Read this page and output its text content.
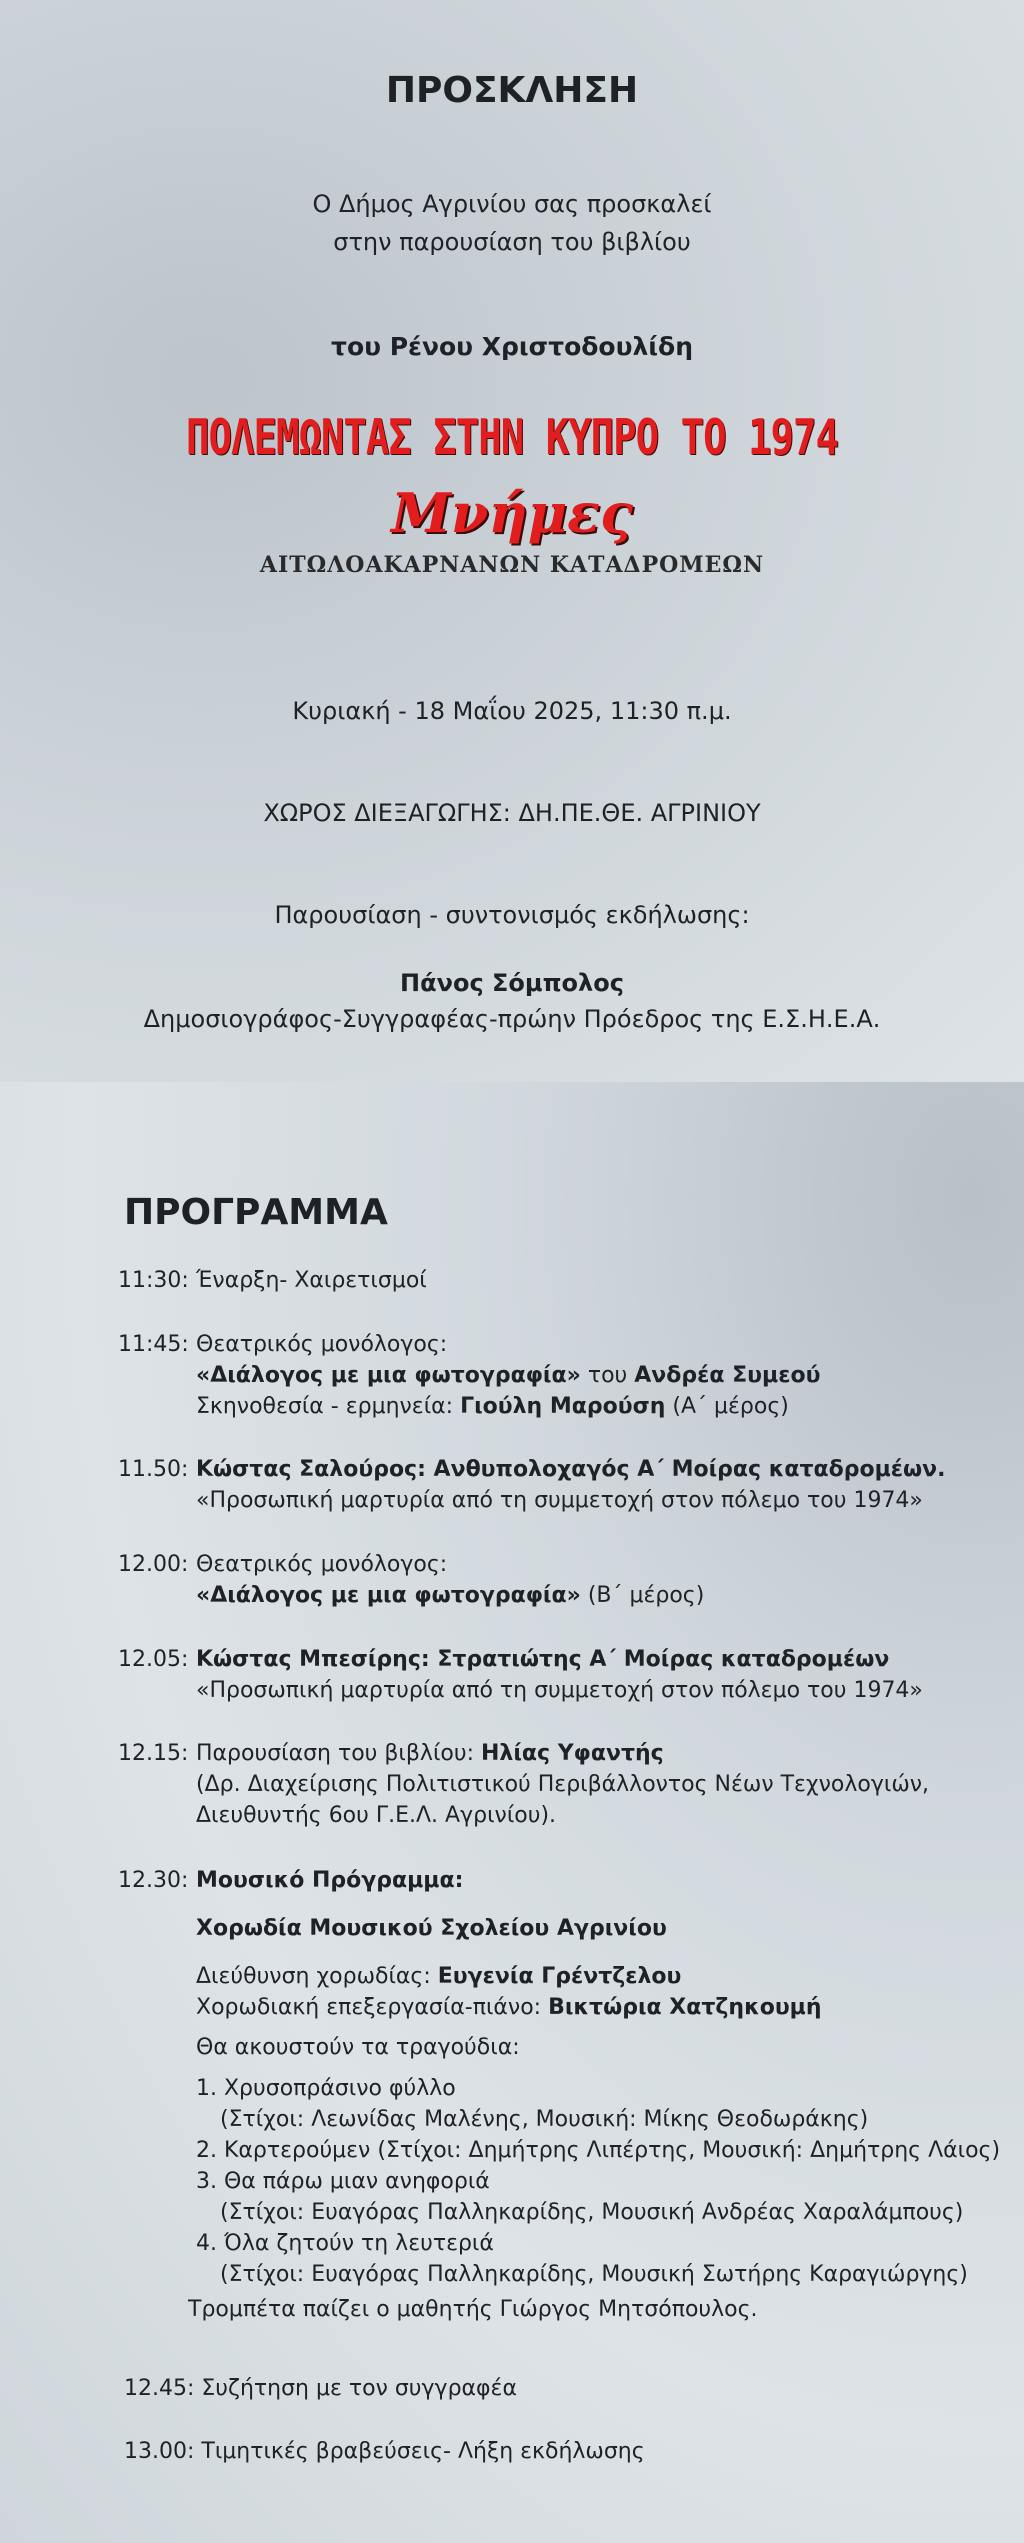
ΠΡΟΣΚΛΗΣΗ
Ο Δήμος Αγρινίου σας προσκαλεί
στην παρουσίαση του βιβλίου
του Ρένου Χριστοδουλίδη
ΠΟΛΕΜΩΝΤΑΣ ΣΤΗΝ ΚΥΠΡΟ ΤΟ 1974
Μνήμες
ΑΙΤΩΛΟΑΚΑΡΝΑΝΩΝ ΚΑΤΑΔΡΟΜΕΩΝ
Κυριακή - 18 Μαΐου 2025, 11:30 π.μ.
ΧΩΡΟΣ ΔΙΕΞΑΓΩΓΗΣ: ΔΗ.ΠΕ.ΘΕ. ΑΓΡΙΝΙΟΥ
Παρουσίαση - συντονισμός εκδήλωσης:
Πάνος Σόμπολος
Δημοσιογράφος-Συγγραφέας-πρώην Πρόεδρος της Ε.Σ.Η.Ε.Α.
ΠΡΟΓΡΑΜΜΑ
11:30: Έναρξη- Χαιρετισμοί
11:45: Θεατρικός μονόλογος:
«Διάλογος με μια φωτογραφία» του Ανδρέα Συμεού
Σκηνοθεσία - ερμηνεία: Γιούλη Μαρούση (Α΄ μέρος)
11.50: Κώστας Σαλούρος: Ανθυπολοχαγός Α΄ Μοίρας καταδρομέων.
«Προσωπική μαρτυρία από τη συμμετοχή στον πόλεμο του 1974»
12.00: Θεατρικός μονόλογος:
«Διάλογος με μια φωτογραφία» (Β΄ μέρος)
12.05: Κώστας Μπεσίρης: Στρατιώτης Α΄ Μοίρας καταδρομέων
«Προσωπική μαρτυρία από τη συμμετοχή στον πόλεμο του 1974»
12.15: Παρουσίαση του βιβλίου: Ηλίας Υφαντής
(Δρ. Διαχείρισης Πολιτιστικού Περιβάλλοντος Νέων Τεχνολογιών,
Διευθυντής 6ου Γ.Ε.Λ. Αγρινίου).
12.30: Μουσικό Πρόγραμμα:
Χορωδία Μουσικού Σχολείου Αγρινίου
Διεύθυνση χορωδίας: Ευγενία Γρέντζελου
Χορωδιακή επεξεργασία-πιάνο: Βικτώρια Χατζηκουμή
Θα ακουστούν τα τραγούδια:
1. Χρυσοπράσινο φύλλο
(Στίχοι: Λεωνίδας Μαλένης, Μουσική: Μίκης Θεοδωράκης)
2. Καρτερούμεν (Στίχοι: Δημήτρης Λιπέρτης, Μουσική: Δημήτρης Λάιος)
3. Θα πάρω μιαν ανηφοριά
(Στίχοι: Ευαγόρας Παλληκαρίδης, Μουσική Ανδρέας Χαραλάμπους)
4. Όλα ζητούν τη λευτεριά
(Στίχοι: Ευαγόρας Παλληκαρίδης, Μουσική Σωτήρης Καραγιώργης)
Τρομπέτα παίζει ο μαθητής Γιώργος Μητσόπουλος.
12.45: Συζήτηση με τον συγγραφέα
13.00: Τιμητικές βραβεύσεις- Λήξη εκδήλωσης
